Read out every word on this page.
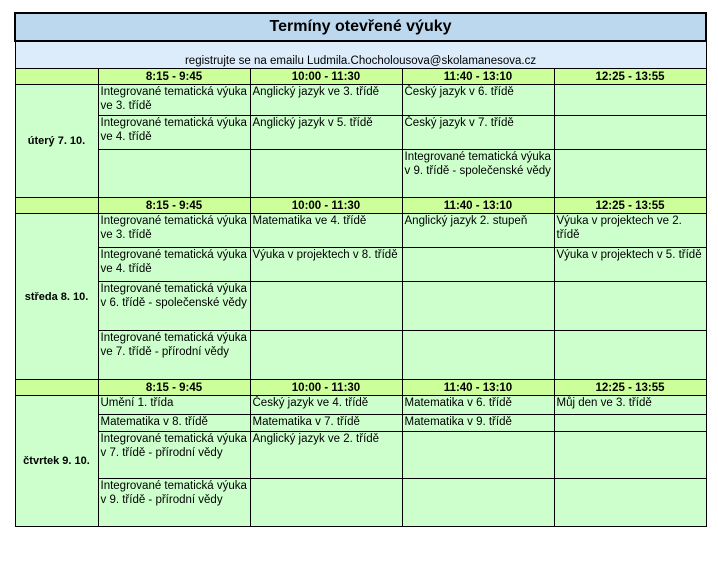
Termíny otevřené výuky				
registrujte se na emailu Ludmila.Chocholousova@skolamanesova.cz				
	8:15 - 9:45	10:00 - 11:30	11:40 - 13:10	12:25 - 13:55
úterý 7. 10.	Integrované tematická výuka ve 3. třídě	Anglický jazyk ve 3. třídě	Český jazyk v 6. třídě	
	Integrované tematická výuka ve 4. třídě	Anglický jazyk v 5. třídě	Český jazyk v 7. třídě	
			Integrované tematická výuka v 9. třídě - společenské vědy	
	8:15 - 9:45	10:00 - 11:30	11:40 - 13:10	12:25 - 13:55
středa 8. 10.	Integrované tematická výuka ve 3. třídě	Matematika ve 4. třídě	Anglický jazyk 2. stupeň	Výuka v projektech ve 2. třídě
	Integrované tematická výuka ve 4. třídě	Výuka v projektech v 8. třídě		Výuka v projektech v 5. třídě
	Integrované tematická výuka v 6. třídě - společenské vědy			
	Integrované tematická výuka ve 7. třídě - přírodní vědy			
	8:15 - 9:45	10:00 - 11:30	11:40 - 13:10	12:25 - 13:55
čtvrtek 9. 10.	Umění 1. třída	Český jazyk ve 4. třídě	Matematika v 6. třídě	Můj den ve 3. třídě
	Matematika v 8. třídě	Matematika v 7. třídě	Matematika v 9. třídě	
	Integrované tematická výuka v 7. třídě - přírodní vědy	Anglický jazyk ve 2. třídě		
	Integrované tematická výuka v 9. třídě - přírodní vědy			
